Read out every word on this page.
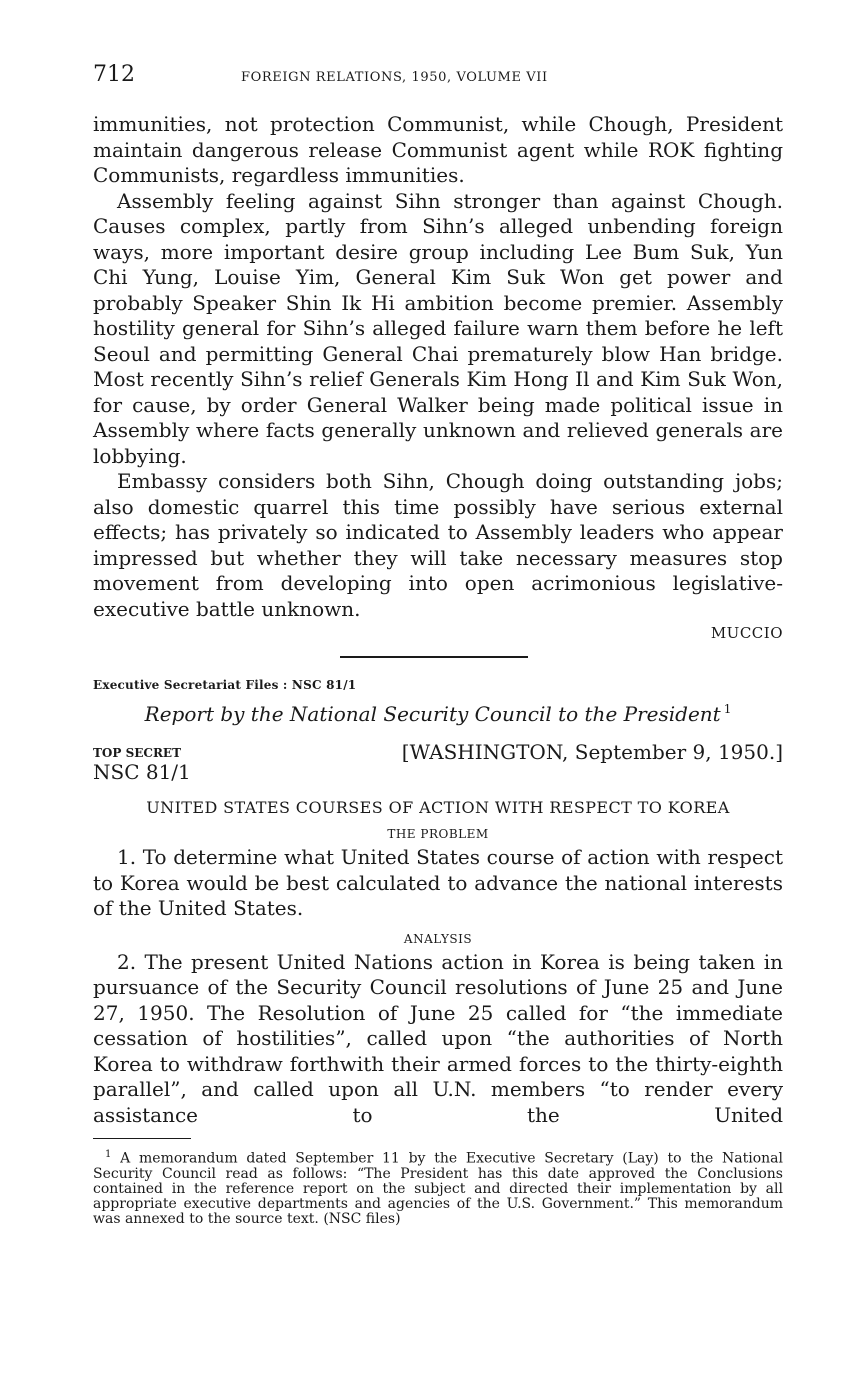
712	FOREIGN RELATIONS, 1950, VOLUME VII

immunities, not protection Communist, while Chough, President maintain dangerous release Communist agent while ROK fighting Communists, regardless immunities.

Assembly feeling against Sihn stronger than against Chough. Causes complex, partly from Sihn’s alleged unbending foreign ways, more important desire group including Lee Bum Suk, Yun Chi Yung, Louise Yim, General Kim Suk Won get power and probably Speaker Shin Ik Hi ambition become premier. Assembly hostility general for Sihn’s alleged failure warn them before he left Seoul and permitting General Chai prematurely blow Han bridge. Most recently Sihn’s relief Generals Kim Hong Il and Kim Suk Won, for cause, by order General Walker being made political issue in Assembly where facts generally unknown and relieved generals are lobbying.

Embassy considers both Sihn, Chough doing outstanding jobs; also domestic quarrel this time possibly have serious external effects; has privately so indicated to Assembly leaders who appear impressed but whether they will take necessary measures stop movement from developing into open acrimonious legislative-executive battle unknown.

MUCCIO
Executive Secretariat Files : NSC 81/1
Report by the National Security Council to the President $^1$
TOP SECRET
NSC 81/1
[WASHINGTON, September 9, 1950.]
UNITED STATES COURSES OF ACTION WITH RESPECT TO KOREA
THE PROBLEM

1. To determine what United States course of action with respect to Korea would be best calculated to advance the national interests of the United States.

ANALYSIS

2. The present United Nations action in Korea is being taken in pursuance of the Security Council resolutions of June 25 and June 27, 1950. The Resolution of June 25 called for “the immediate cessation of hostilities”, called upon “the authorities of North Korea to withdraw forthwith their armed forces to the thirty-eighth parallel”, and called upon all U.N. members “to render every assistance to the United

$^1$ A memorandum dated September 11 by the Executive Secretary (Lay) to the National Security Council read as follows: “The President has this date approved the Conclusions contained in the reference report on the subject and directed their implementation by all appropriate executive departments and agencies of the U.S. Government.” This memorandum was annexed to the source text. (NSC files)
